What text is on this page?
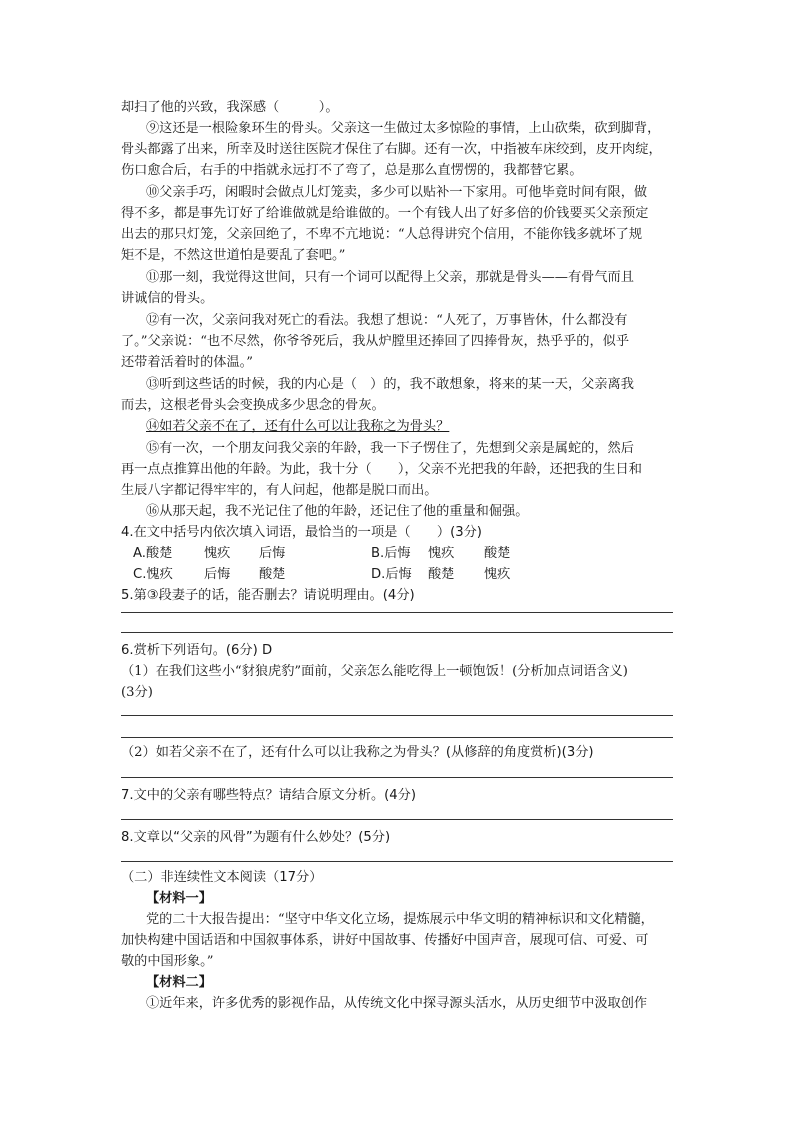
却扫了他的兴致，我深感（　　　）。
⑨这还是一根险象环生的骨头。父亲这一生做过太多惊险的事情，上山砍柴，砍到脚背，
骨头都露了出来，所幸及时送往医院才保住了右脚。还有一次，中指被车床绞到，皮开肉绽，
伤口愈合后，右手的中指就永远打不了弯了，总是那么直愣愣的，我都替它累。
⑩父亲手巧，闲暇时会做点儿灯笼卖，多少可以贴补一下家用。可他毕竟时间有限，做
得不多，都是事先订好了给谁做就是给谁做的。一个有钱人出了好多倍的价钱要买父亲预定
出去的那只灯笼，父亲回绝了，不卑不亢地说：“人总得讲究个信用，不能你钱多就坏了规
矩不是，不然这世道怕是要乱了套吧。”
⑪那一刻，我觉得这世间，只有一个词可以配得上父亲，那就是骨头——有骨气而且
讲诚信的骨头。
⑫有一次，父亲问我对死亡的看法。我想了想说：“人死了，万事皆休，什么都没有
了。”父亲说：“也不尽然，你爷爷死后，我从炉膛里还捧回了四捧骨灰，热乎乎的，似乎
还带着活着时的体温。”
⑬听到这些话的时候，我的内心是（　）的，我不敢想象，将来的某一天，父亲离我
而去，这根老骨头会变换成多少思念的骨灰。
⑭如若父亲不在了，还有什么可以让我称之为骨头？
⑮有一次，一个朋友问我父亲的年龄，我一下子愣住了，先想到父亲是属蛇的，然后
再一点点推算出他的年龄。为此，我十分（　　），父亲不光把我的年龄，还把我的生日和
生辰八字都记得牢牢的，有人问起，他都是脱口而出。
⑯从那天起，我不光记住了他的年龄，还记住了他的重量和倔强。
4.在文中括号内依次填入词语，最恰当的一项是（　　）(3分)
A.酸楚 愧疚 后悔	B.后悔 愧疚 酸楚
C.愧疚 后悔 酸楚	D.后悔 酸楚 愧疚
5.第③段妻子的话，能否删去？请说明理由。(4分)
6.赏析下列语句。(6分) D
（1）在我们这些小“豺狼虎豹”面前，父亲怎么能吃得上一顿饱饭！(分析加点词语含义)
(3分)
（2）如若父亲不在了，还有什么可以让我称之为骨头？(从修辞的角度赏析)(3分)
7.文中的父亲有哪些特点？请结合原文分析。(4分)
8.文章以“父亲的风骨”为题有什么妙处？(5分)
（二）非连续性文本阅读（17分）
【材料一】
党的二十大报告提出：“坚守中华文化立场，提炼展示中华文明的精神标识和文化精髓，
加快构建中国话语和中国叙事体系，讲好中国故事、传播好中国声音，展现可信、可爱、可
敬的中国形象。”
【材料二】
①近年来，许多优秀的影视作品，从传统文化中探寻源头活水，从历史细节中汲取创作
